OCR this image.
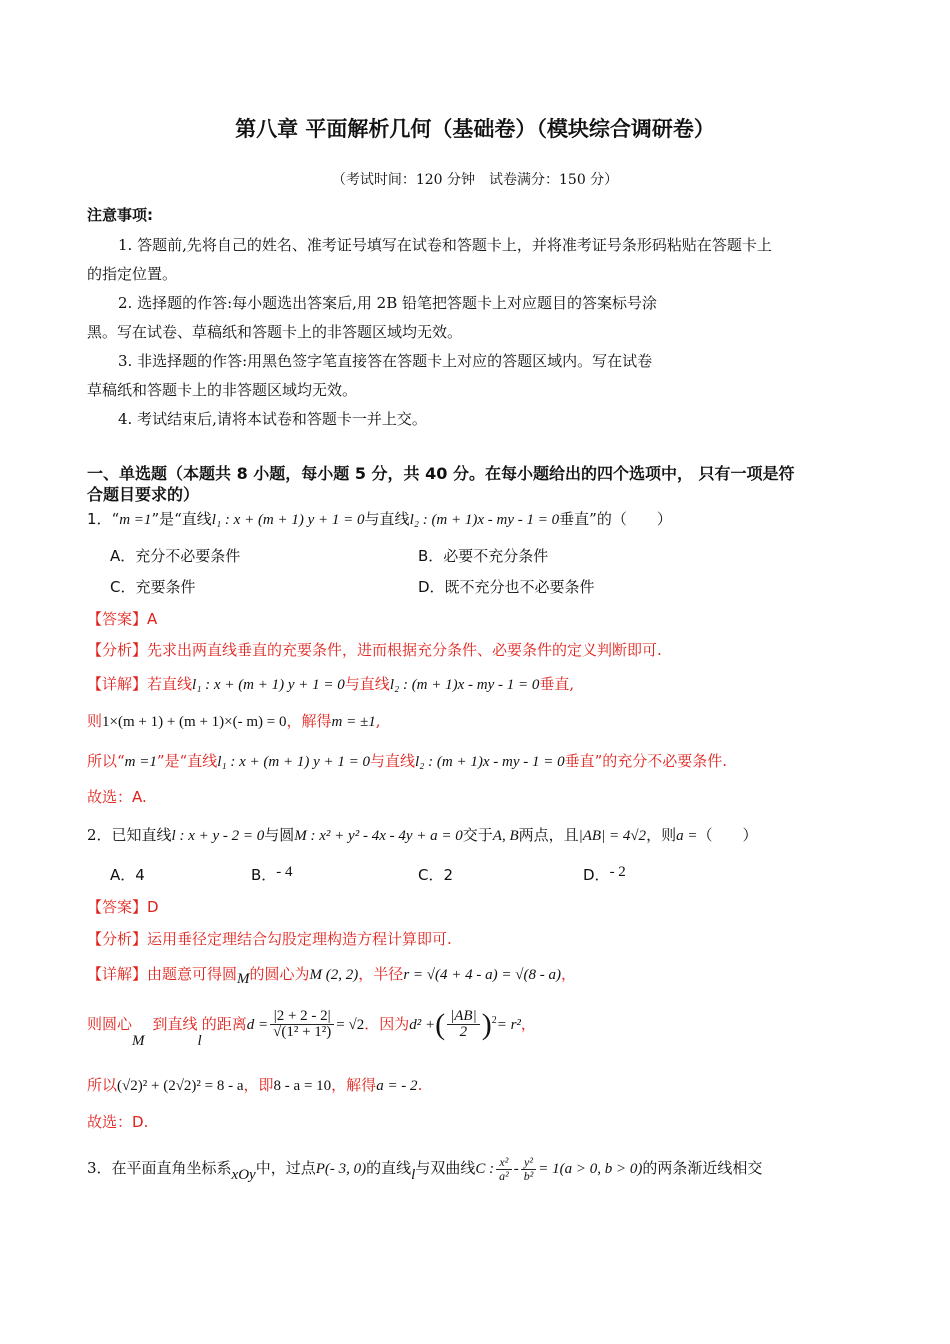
第八章 平面解析几何（基础卷）（模块综合调研卷）
（考试时间：120 分钟　试卷满分：150 分）
注意事项:
1. 答题前,先将自己的姓名、准考证号填写在试卷和答题卡上，并将准考证号条形码粘贴在答题卡上
的指定位置。
2. 选择题的作答:每小题选出答案后,用 2B 铅笔把答题卡上对应题目的答案标号涂
黑。写在试卷、草稿纸和答题卡上的非答题区域均无效。
3. 非选择题的作答:用黑色签字笔直接答在答题卡上对应的答题区域内。写在试卷
草稿纸和答题卡上的非答题区域均无效。
4. 考试结束后,请将本试卷和答题卡一并上交。
一、单选题（本题共 8 小题，每小题 5 分，共 40 分。在每小题给出的四个选项中， 只有一项是符
合题目要求的）
1．“m =1”是“直线l₁ : x + (m + 1) y + 1 = 0与直线l₂ : (m + 1)x - my - 1 = 0垂直”的（　　）
A．充分不必要条件	B．必要不充分条件
C．充要条件	D．既不充分也不必要条件
【答案】A
【分析】先求出两直线垂直的充要条件，进而根据充分条件、必要条件的定义判断即可.
【详解】若直线l₁ : x + (m + 1) y + 1 = 0与直线l₂ : (m + 1)x - my - 1 = 0垂直,
则1×(m + 1) + (m + 1)×(- m) = 0，解得m = ±1,
所以“m =1”是“直线l₁ : x + (m + 1) y + 1 = 0与直线l₂ : (m + 1)x - my - 1 = 0垂直”的充分不必要条件.
故选：A.
2．已知直线l : x + y - 2 = 0与圆M : x² + y² - 4x - 4y + a = 0交于A, B两点，且|AB| = 4√2，则a =（　　）
A．4	B．- 4	C．2	D．- 2
【答案】D
【分析】运用垂径定理结合勾股定理构造方程计算即可.
【详解】由题意可得圆M的圆心为M (2, 2)，半径r = √(4 + 4 - a) = √(8 - a)，
则圆心M到直线l的距离$d = \frac{|2 + 2 - 2|}{\text{√(1² + 1²)}} = √2$．因为d² +( $\frac{|AB|}{2} )^2= r^2$，
所以(√2)² + (2√2)² = 8 - a，即8 - a = 10，解得a = - 2.
故选：D.
3．在平面直角坐标系xOy中，过点P(- 3, 0)的直线l与双曲线C : $\frac{\text{x²}}{\text{a²}} - \frac{\text{y²}}{\text{b²}} = 1(a > 0$, b > 0)的两条渐近线相交
